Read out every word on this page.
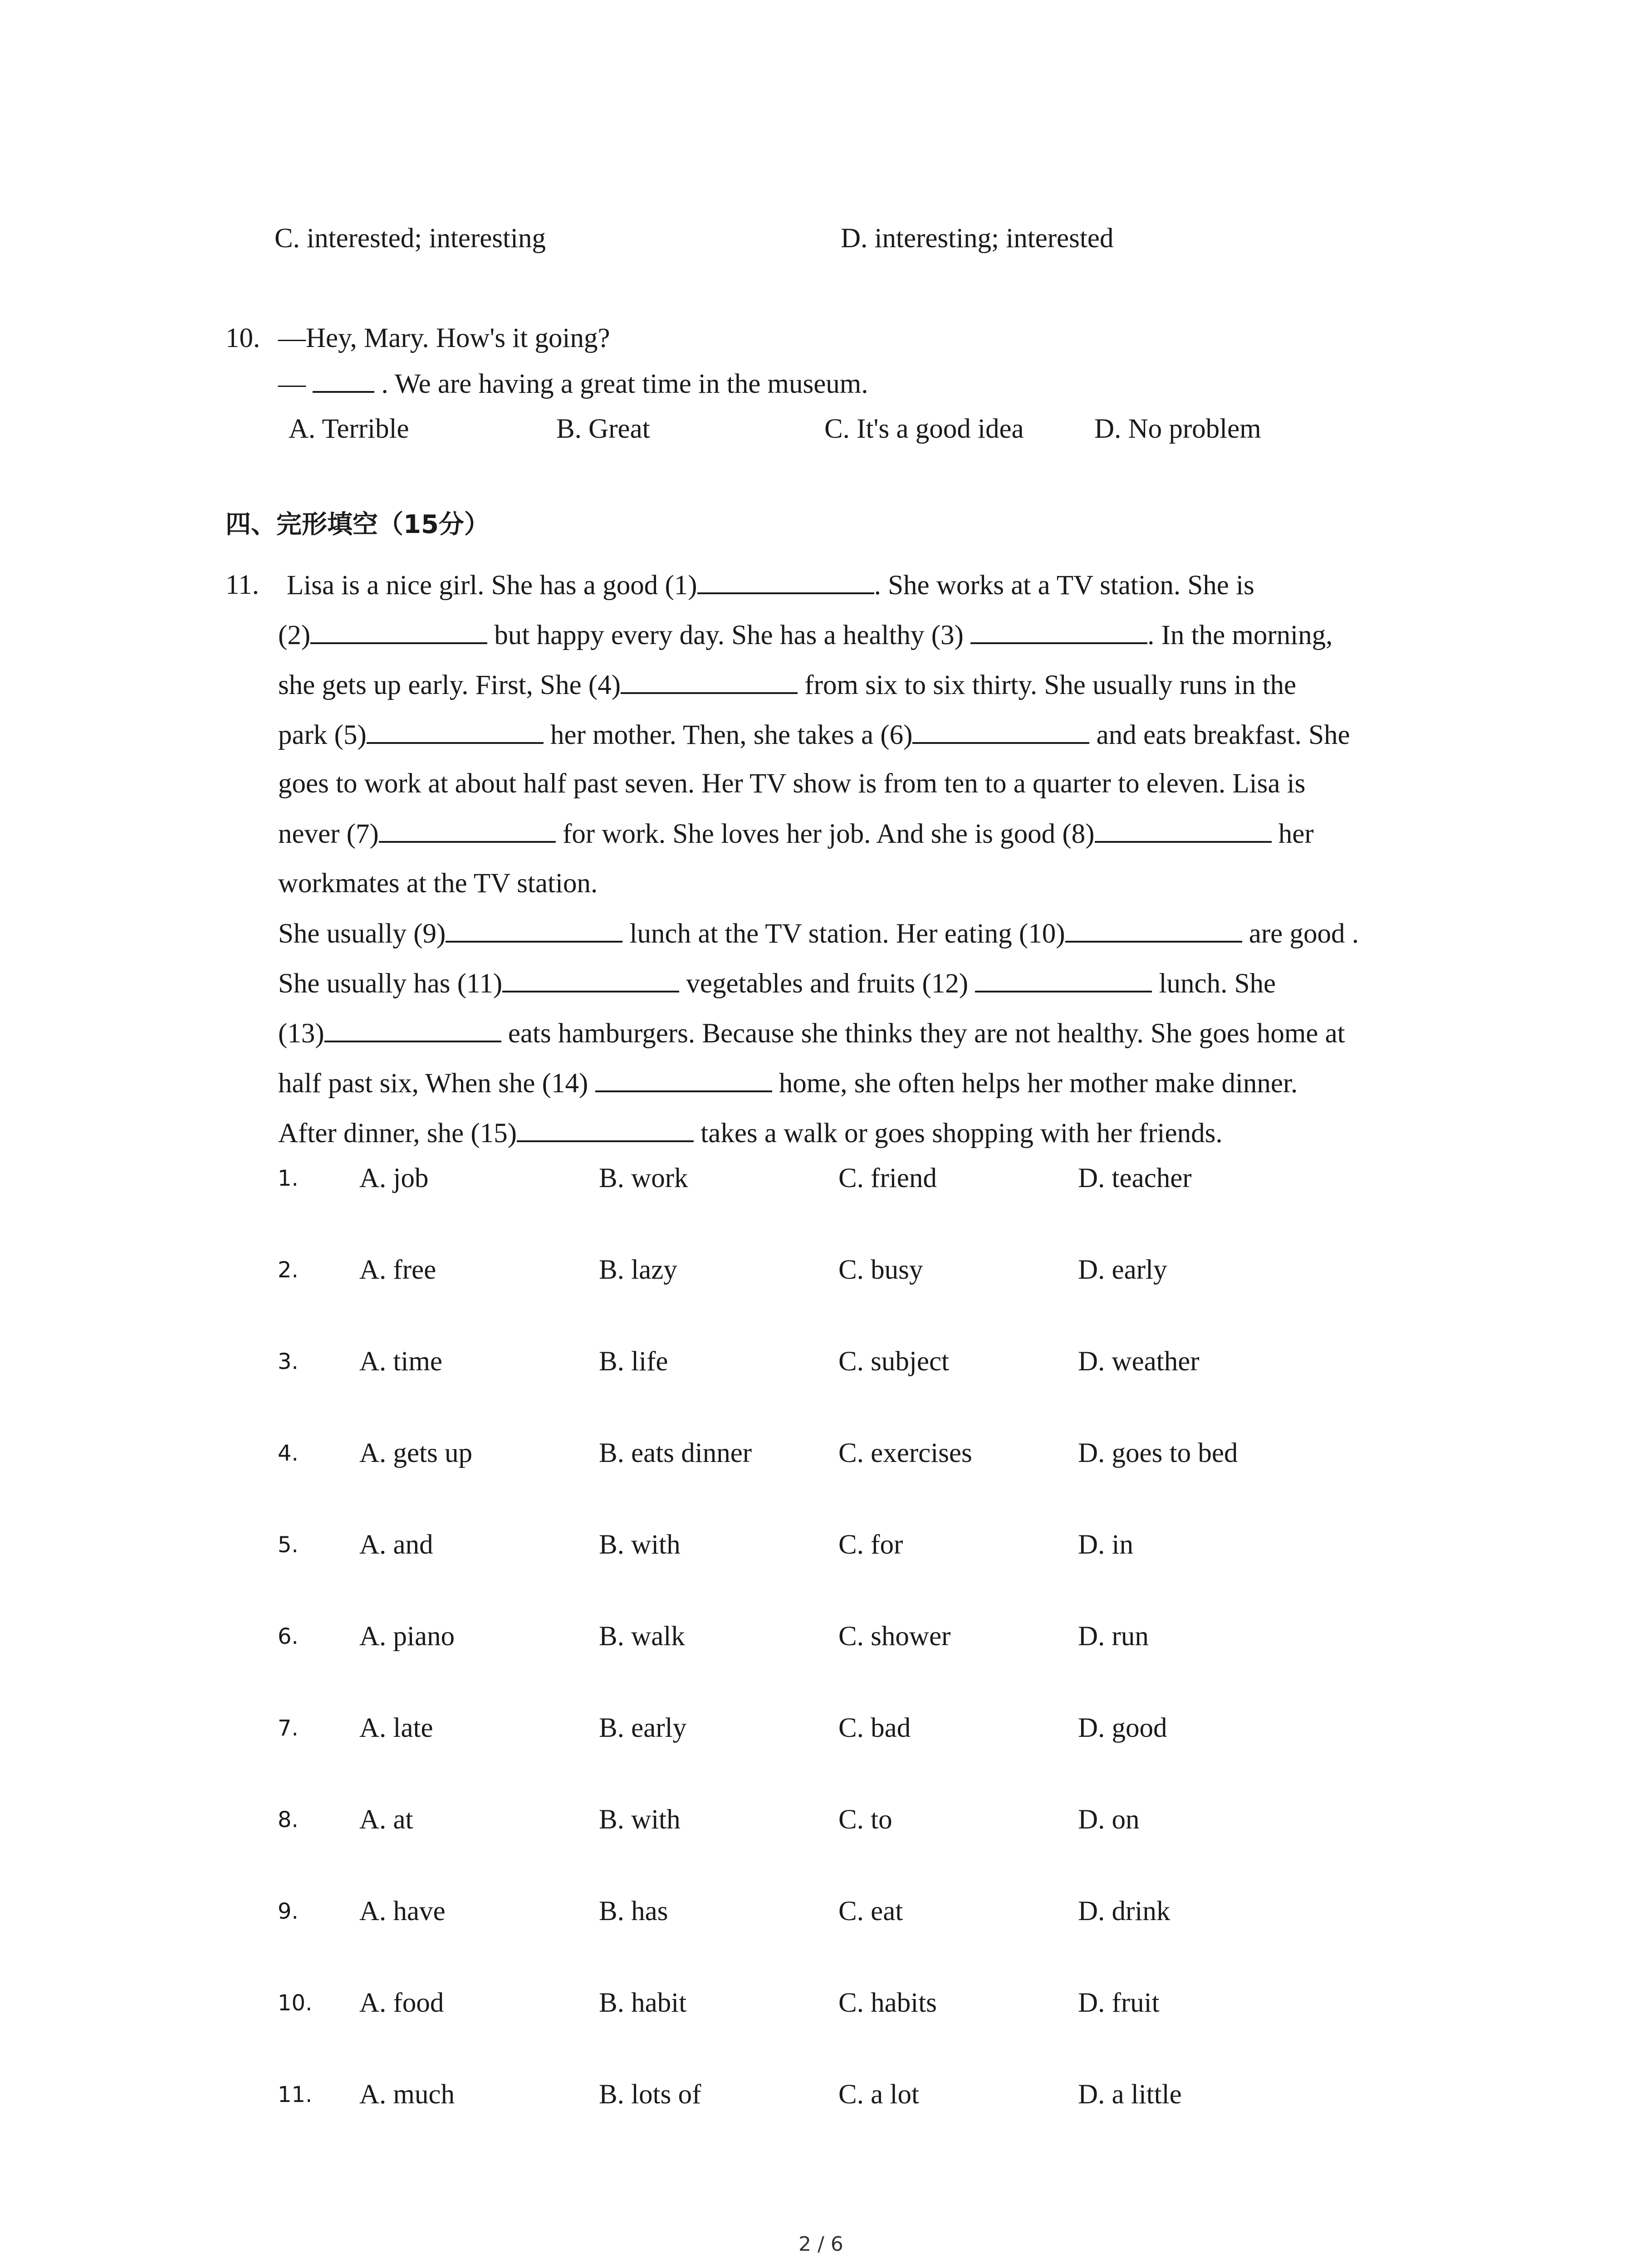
C. interested; interesting	D. interesting; interested
10. —Hey, Mary. How's it going?
—	. We are having a great time in the museum.
A. Terrible	B. Great	C. It's a good idea	D. No problem
四、完形填空（15分）
11. Lisa is a nice girl. She has a good (1)	. She works at a TV station. She is
(2)	but happy every day. She has a healthy (3)	. In the morning,
she gets up early. First, She (4)	from six to six thirty. She usually runs in the
park (5)	her mother. Then, she takes a (6)	and eats breakfast. She
goes to work at about half past seven. Her TV show is from ten to a quarter to eleven. Lisa is
never (7)	for work. She loves her job. And she is good (8)	her
workmates at the TV station.
She usually (9)	lunch at the TV station. Her eating (10)	are good .
She usually has (11)	vegetables and fruits (12)	lunch. She
(13)	eats hamburgers. Because she thinks they are not healthy. She goes home at
half past six, When she (14)	home, she often helps her mother make dinner.
After dinner, she (15)	takes a walk or goes shopping with her friends.
1. A. job	B. work	C. friend	D. teacher
2. A. free	B. lazy	C. busy	D. early
3. A. time	B. life	C. subject	D. weather
4. A. gets up	B. eats dinner	C. exercises	D. goes to bed
5. A. and	B. with	C. for	D. in
6. A. piano	B. walk	C. shower	D. run
7. A. late	B. early	C. bad	D. good
8. A. at	B. with	C. to	D. on
9. A. have	B. has	C. eat	D. drink
10. A. food	B. habit	C. habits	D. fruit
11. A. much	B. lots of	C. a lot	D. a little
2 / 6
